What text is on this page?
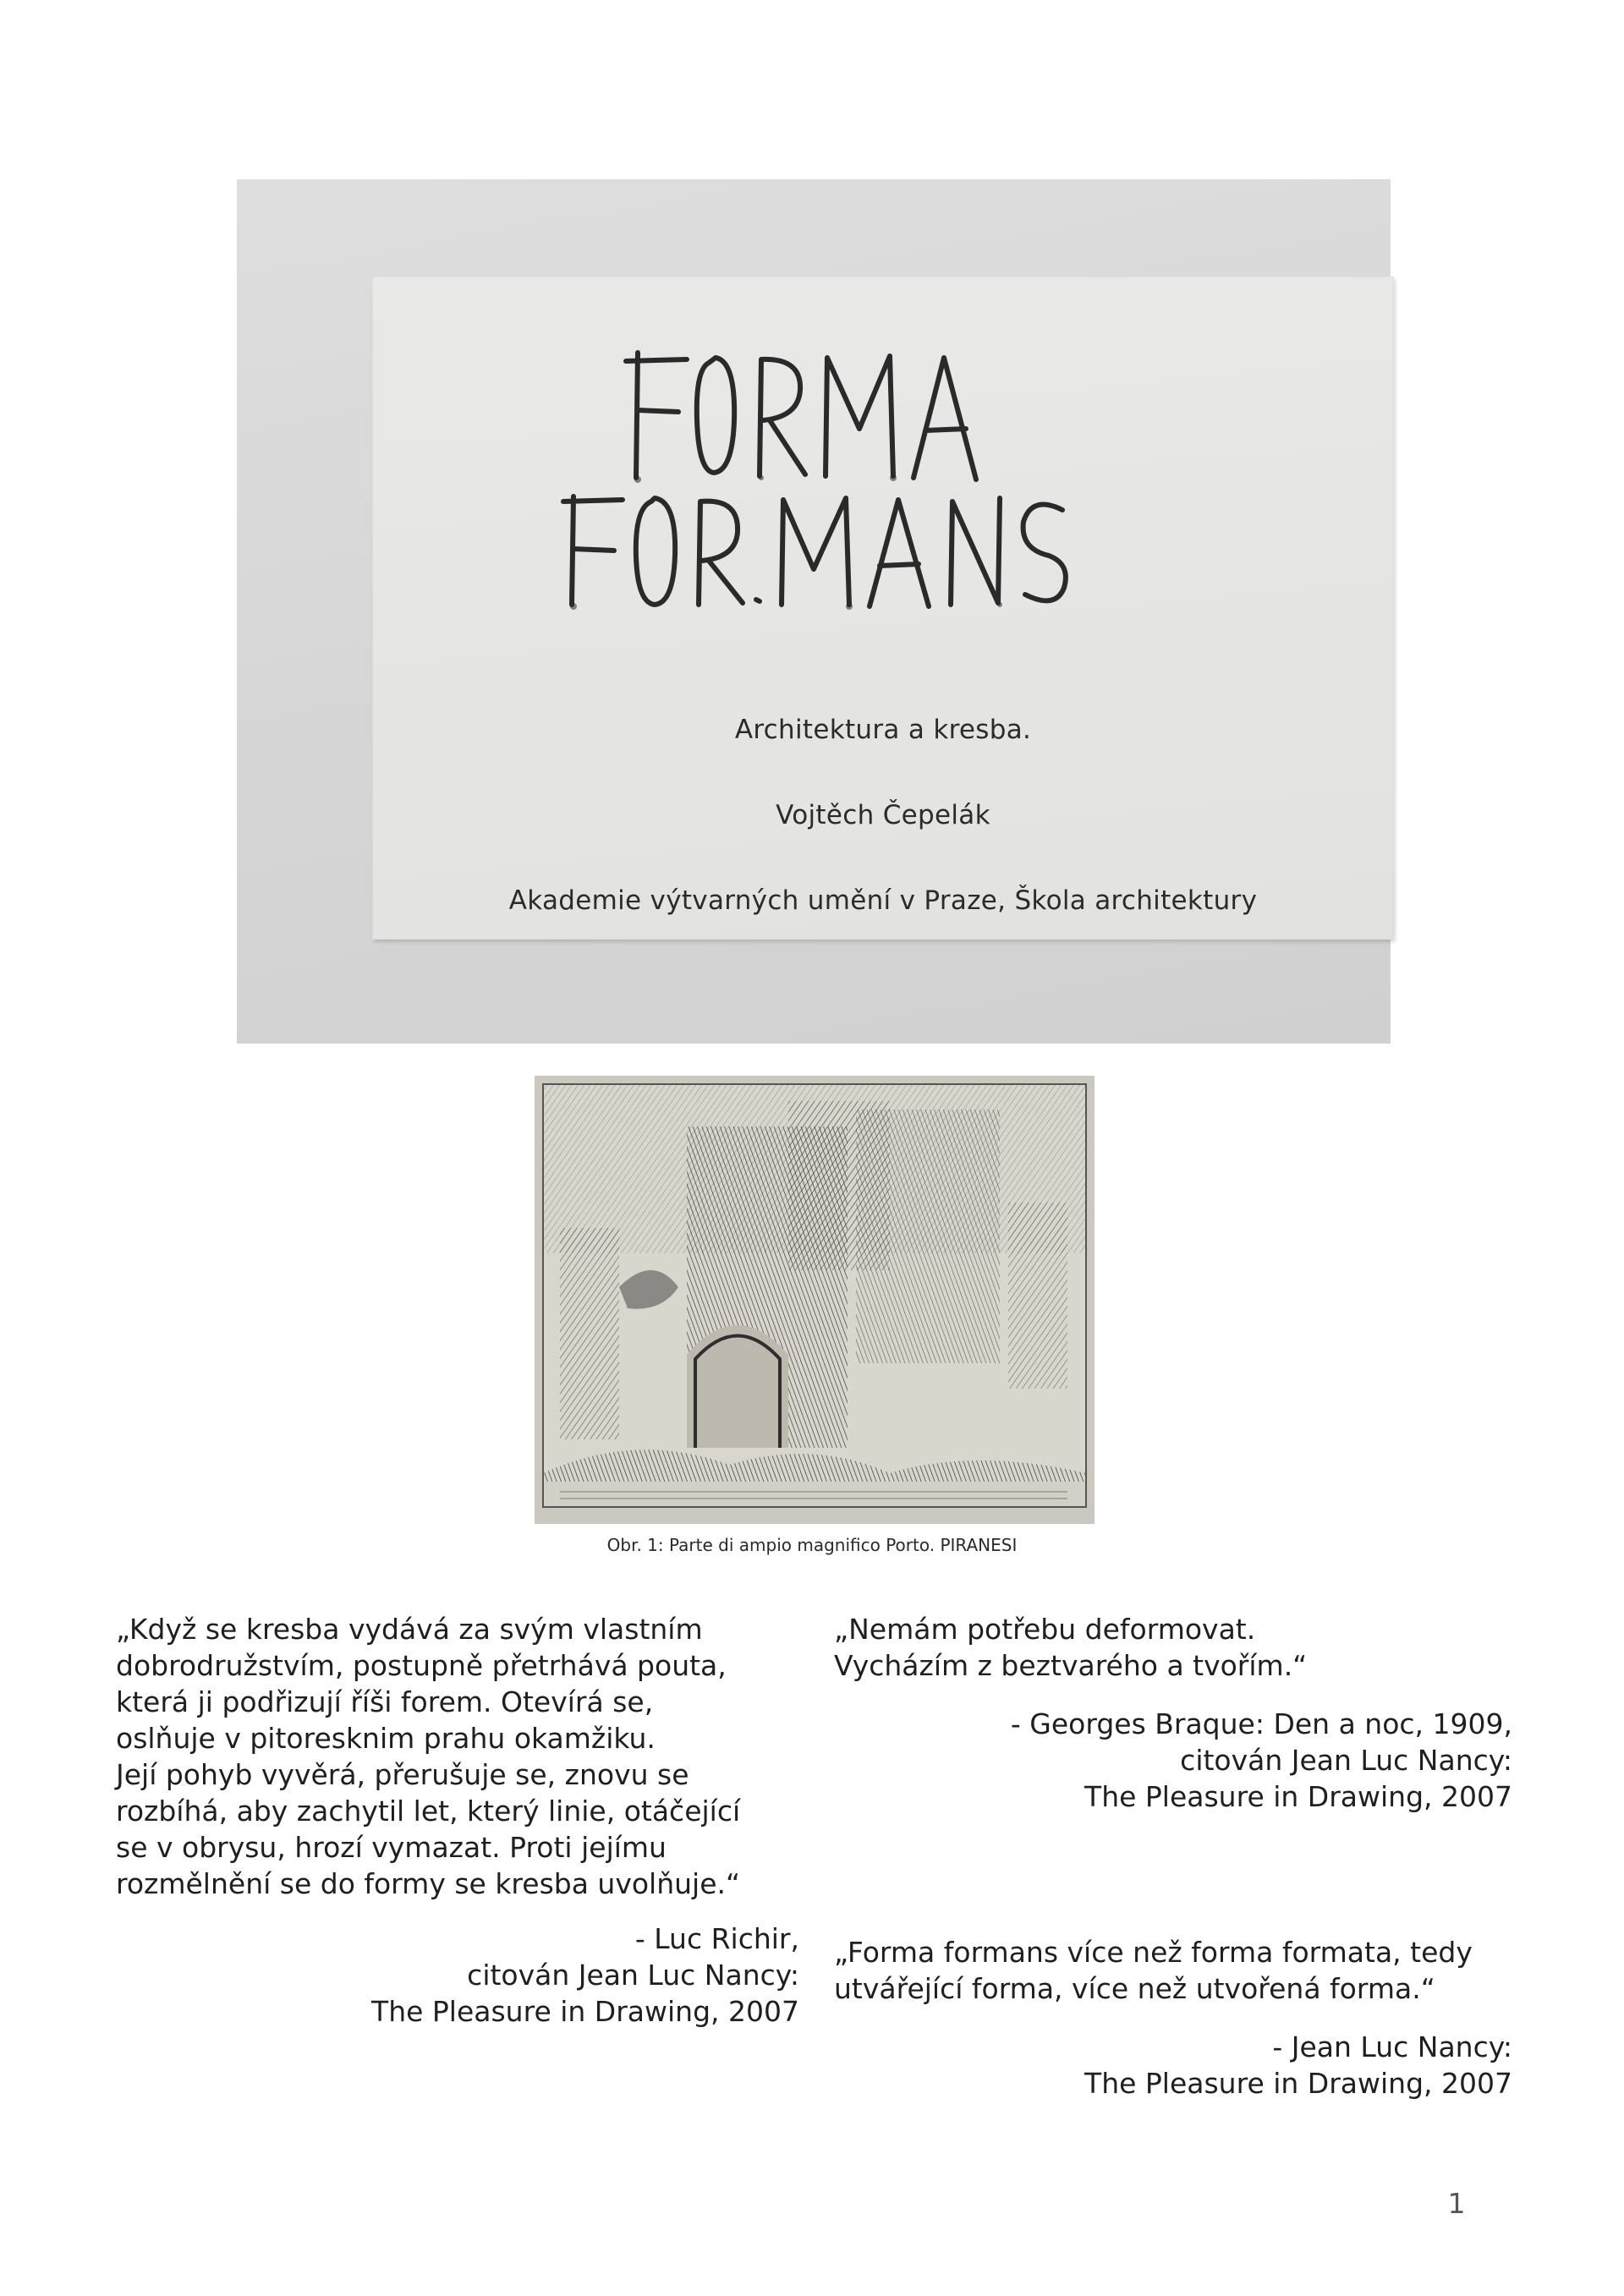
Architektura a kresba.
Vojtěch Čepelák
Akademie výtvarných umění v Praze, Škola architektury
Obr. 1: Parte di ampio magnifico Porto. PIRANESI
„Když se kresba vydává za svým vlastním
dobrodružstvím, postupně přetrhává pouta,
která ji podřizují říši forem. Otevírá se,
oslňuje v pitoresknim prahu okamžiku.
Její pohyb vyvěrá, přerušuje se, znovu se
rozbíhá, aby zachytil let, který linie, otáčející
se v obrysu, hrozí vymazat. Proti jejímu
rozmělnění se do formy se kresba uvolňuje.“
- Luc Richir,
citován Jean Luc Nancy:
The Pleasure in Drawing, 2007
„Nemám potřebu deformovat.
Vycházím z beztvarého a tvořím.“
- Georges Braque: Den a noc, 1909,
citován Jean Luc Nancy:
The Pleasure in Drawing, 2007
„Forma formans více než forma formata, tedy
utvářející forma, více než utvořená forma.“
- Jean Luc Nancy:
The Pleasure in Drawing, 2007
1
